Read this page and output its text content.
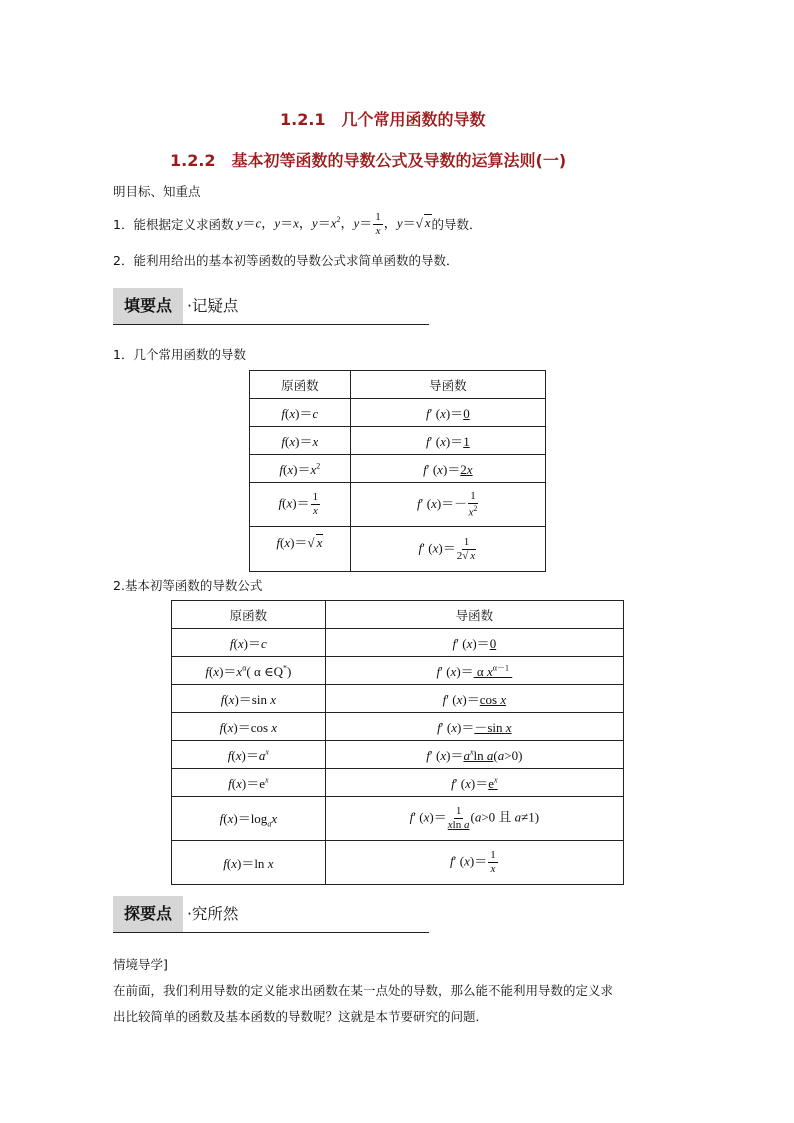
1.2.1　几个常用函数的导数
1.2.2　基本初等函数的导数公式及导数的运算法则(一)
明目标、知重点
1．能根据定义求函数 y＝c，y＝x，$y=x^2$，$y= \frac{1}{x}$ ，y＝√ x 的导数．
2．能利用给出的基本初等函数的导数公式求简单函数的导数．
填要点 ·记疑点
1．几个常用函数的导数
原函数	导函数
f(x)＝c	f′ (x)＝0
f(x)＝x	f′ (x)＝1
$f(x)=x^2$	f′ (x)＝2x
$f(x)= \frac{1}{x}$	f′ $(x)=- \frac{1}{x^2}$

f(x)＝√ x	f′ $(x)= \frac{1}{2√ x}$
2.基本初等函数的导数公式
原函数	导函数
f(x)＝c	f′ (x)＝0
$f(x)=x^\alpha$( α ∈Q*)	f′ (x)＝ α $x^{\alpha-1}$
f(x)＝sin x	f′ (x)＝cos x
f(x)＝cos x	f′ (x)＝－sin x
$f(x)=a^x$	f′ $(x)=a^x\ln$ a(a>0)
$f(x)=e^x$	f′ $(x)=e^x$
$f(x)=\log_ax$	f′ $(x)= \frac{1}{\text{xln a}} (a>0$ 且 a≠1)
f(x)＝ln x	f′ $(x)= \frac{1}{x}$
探要点 ·究所然
情境导学]
在前面，我们利用导数的定义能求出函数在某一点处的导数，那么能不能利用导数的定义求
出比较简单的函数及基本函数的导数呢？这就是本节要研究的问题．
